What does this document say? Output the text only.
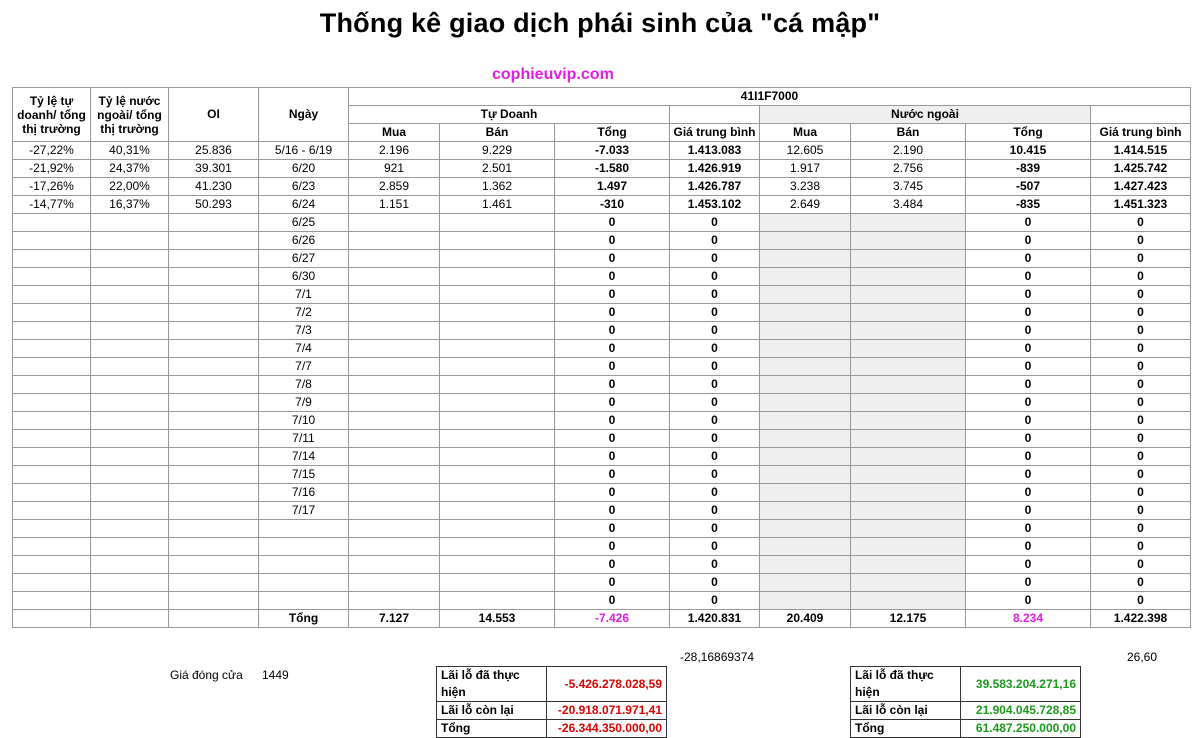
Thống kê giao dịch phái sinh của "cá mập"
cophieuvip.com
Tỷ lệ tự doanh/ tổng thị trường	Tỷ lệ nước ngoài/ tổng thị trường	OI	Ngày	41I1F7000							
				Tự Doanh				Nước ngoài			
				Mua	Bán	Tổng	Giá trung bình	Mua	Bán	Tổng	Giá trung bình
-27,22%	40,31%	25.836	5/16 - 6/19	2.196	9.229	-7.033	1.413.083	12.605	2.190	10.415	1.414.515
-21,92%	24,37%	39.301	6/20	921	2.501	-1.580	1.426.919	1.917	2.756	-839	1.425.742
-17,26%	22,00%	41.230	6/23	2.859	1.362	1.497	1.426.787	3.238	3.745	-507	1.427.423
-14,77%	16,37%	50.293	6/24	1.151	1.461	-310	1.453.102	2.649	3.484	-835	1.451.323
			6/25			0	0			0	0
			6/26			0	0			0	0
			6/27			0	0			0	0
			6/30			0	0			0	0
			7/1			0	0			0	0
			7/2			0	0			0	0
			7/3			0	0			0	0
			7/4			0	0			0	0
			7/7			0	0			0	0
			7/8			0	0			0	0
			7/9			0	0			0	0
			7/10			0	0			0	0
			7/11			0	0			0	0
			7/14			0	0			0	0
			7/15			0	0			0	0
			7/16			0	0			0	0
			7/17			0	0			0	0
						0	0			0	0
						0	0			0	0
						0	0			0	0
						0	0			0	0
						0	0			0	0
			Tổng	7.127	14.553	-7.426	1.420.831	20.409	12.175	8.234	1.422.398
-28,16869374	26,60
Giá đóng cửa 1449	Lãi lỗ đã thực hiện	-5.426.278.028,59
Lãi lỗ còn lại	-20.918.071.971,41
Tổng	-26.344.350.000,00
Lãi lỗ đã thực hiện	39.583.204.271,16
Lãi lỗ còn lại	21.904.045.728,85
Tổng	61.487.250.000,00
